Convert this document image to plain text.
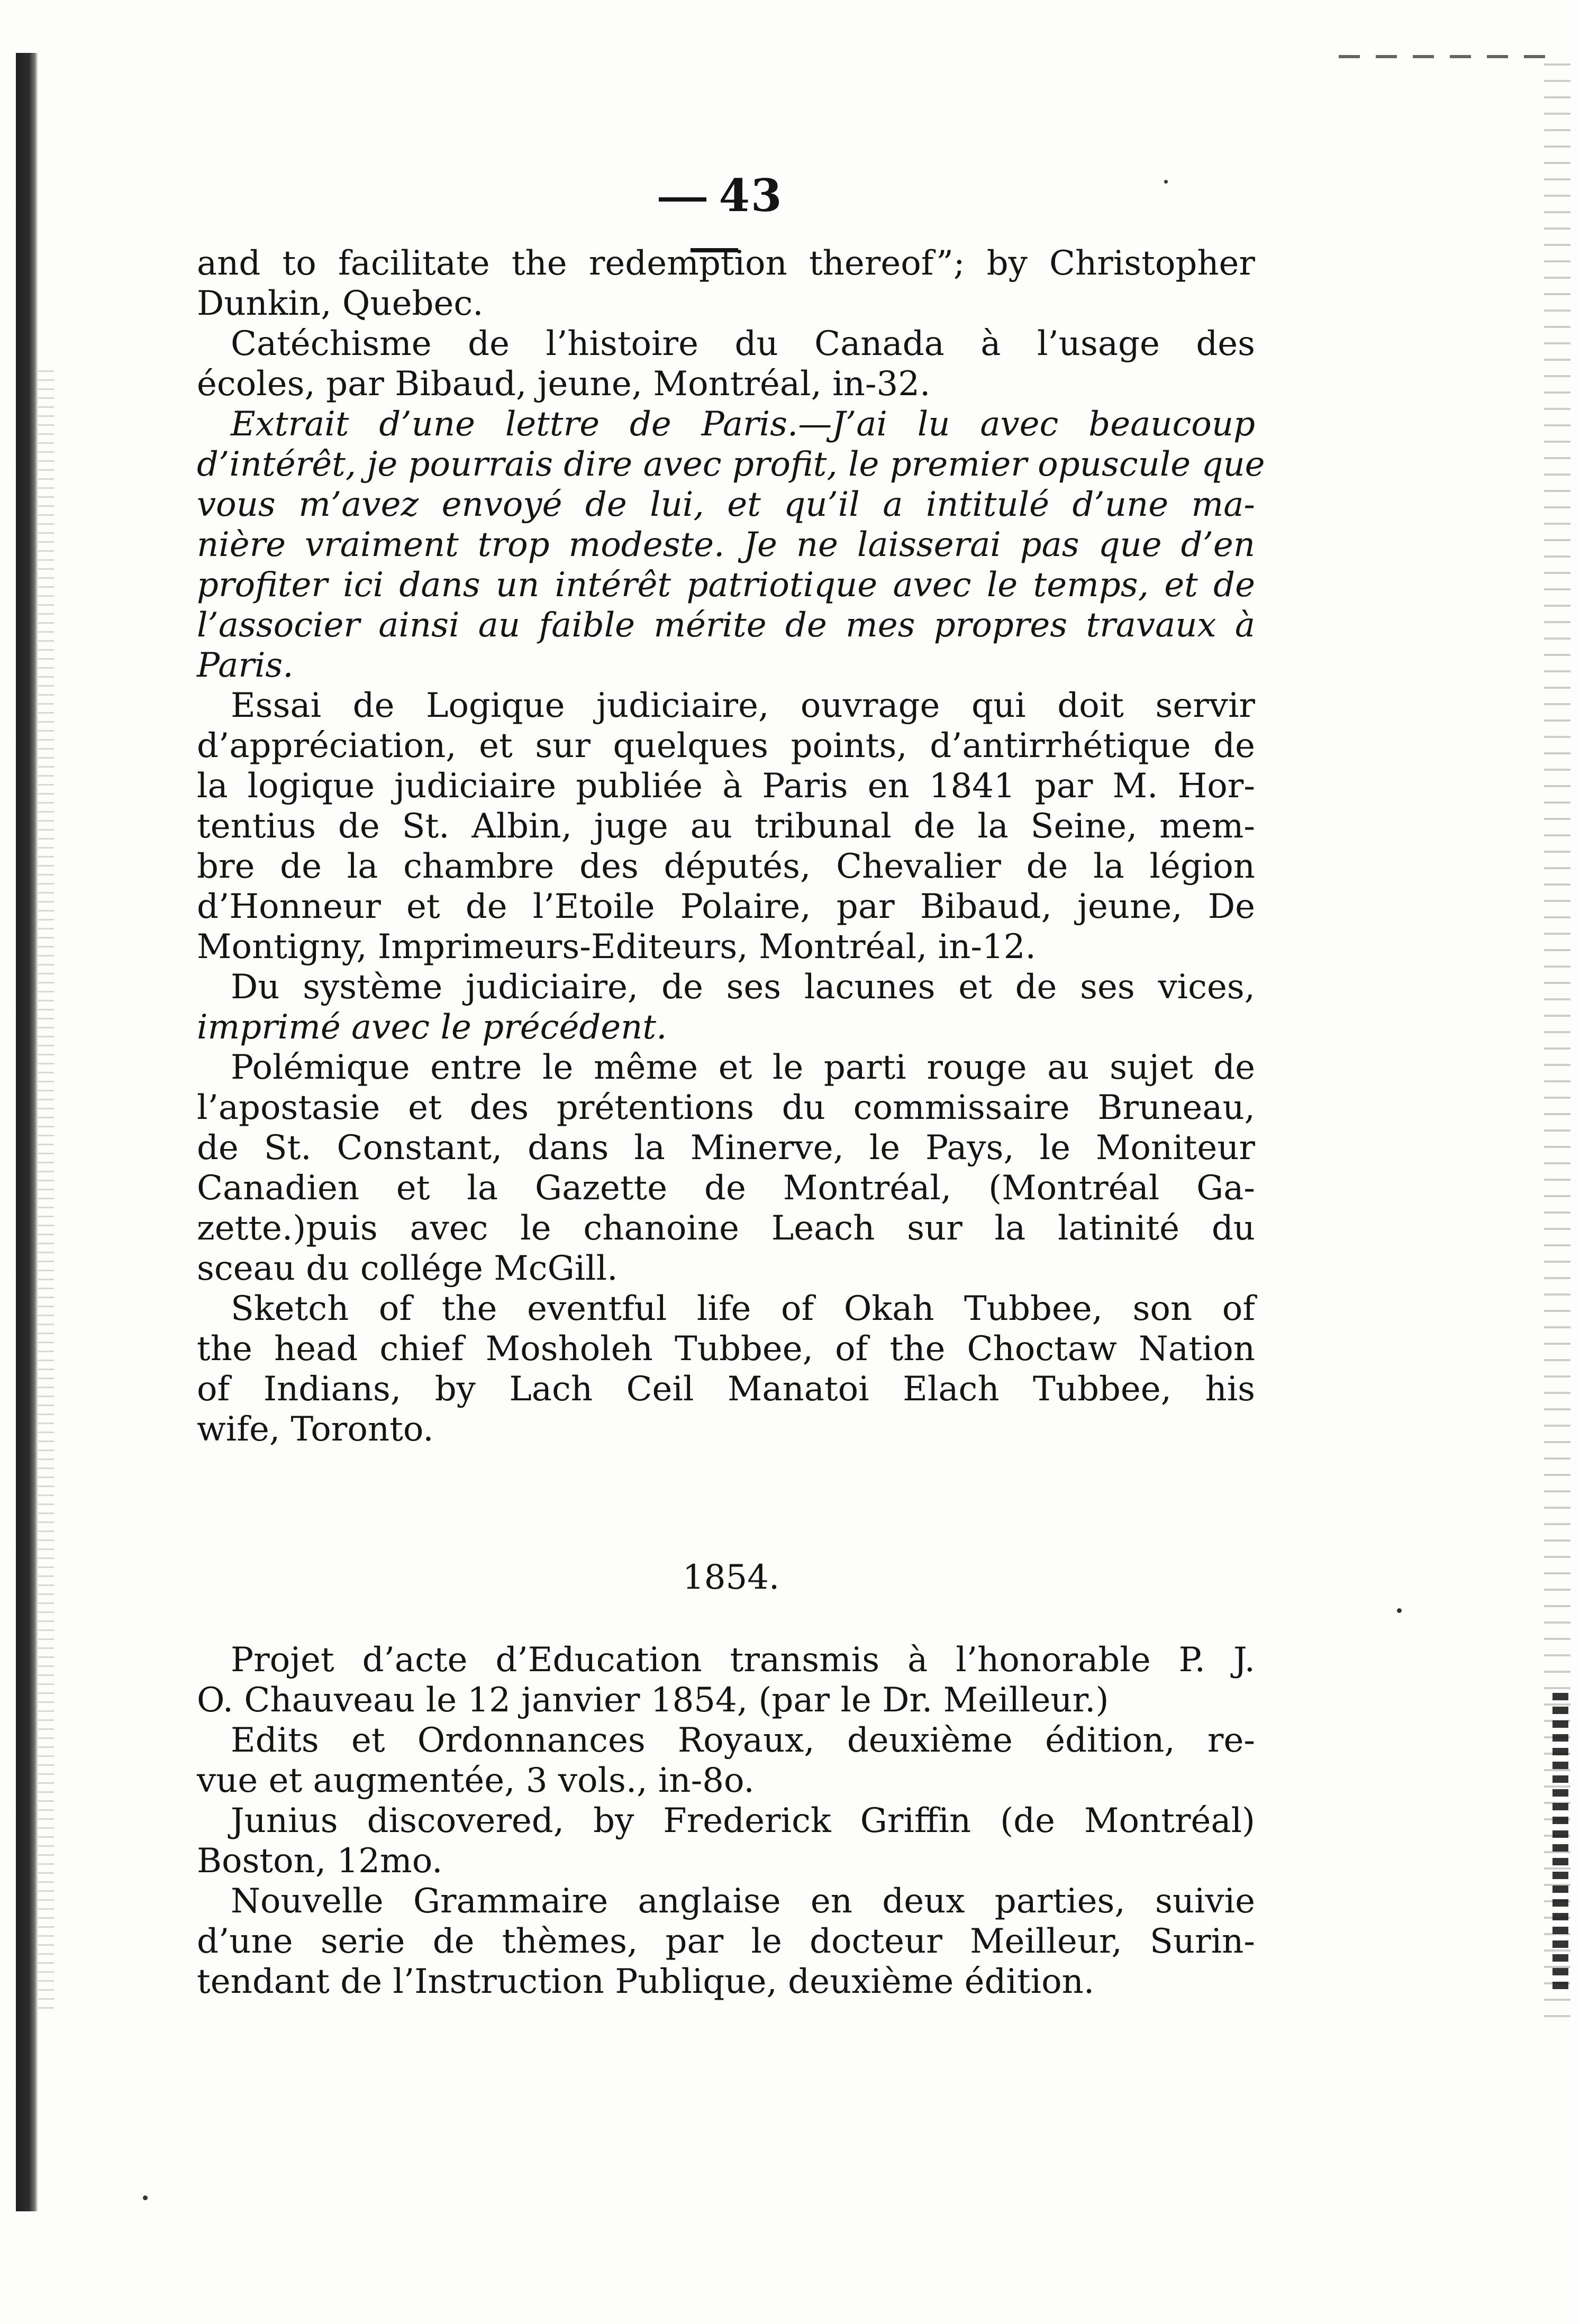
43
and to facilitate the redemption thereof”; by Christopher
Dunkin, Quebec.
Catéchisme de l’histoire du Canada à l’usage des
écoles, par Bibaud, jeune, Montréal, in-32.
Extrait d’une lettre de Paris.—J’ai lu avec beaucoup
d’intérêt, je pourrais dire avec profit, le premier opuscule que
vous m’avez envoyé de lui, et qu’il a intitulé d’une ma-
nière vraiment trop modeste. Je ne laisserai pas que d’en
profiter ici dans un intérêt patriotique avec le temps, et de
l’associer ainsi au faible mérite de mes propres travaux à
Paris.
Essai de Logique judiciaire, ouvrage qui doit servir
d’appréciation, et sur quelques points, d’antirrhétique de
la logique judiciaire publiée à Paris en 1841 par M. Hor-
tentius de St. Albin, juge au tribunal de la Seine, mem-
bre de la chambre des députés, Chevalier de la légion
d’Honneur et de l’Etoile Polaire, par Bibaud, jeune, De
Montigny, Imprimeurs-Editeurs, Montréal, in-12.
Du système judiciaire, de ses lacunes et de ses vices,
imprimé avec le précédent.
Polémique entre le même et le parti rouge au sujet de
l’apostasie et des prétentions du commissaire Bruneau,
de St. Constant, dans la Minerve, le Pays, le Moniteur
Canadien et la Gazette de Montréal, (Montréal Ga-
zette.)puis avec le chanoine Leach sur la latinité du
sceau du collége McGill.
Sketch of the eventful life of Okah Tubbee, son of
the head chief Mosholeh Tubbee, of the Choctaw Nation
of Indians, by Lach Ceil Manatoi Elach Tubbee, his
wife, Toronto.
1854.
Projet d’acte d’Education transmis à l’honorable P. J.
O. Chauveau le 12 janvier 1854, (par le Dr. Meilleur.)
Edits et Ordonnances Royaux, deuxième édition, re-
vue et augmentée, 3 vols., in-8o.
Junius discovered, by Frederick Griffin (de Montréal)
Boston, 12mo.
Nouvelle Grammaire anglaise en deux parties, suivie
d’une serie de thèmes, par le docteur Meilleur, Surin-
tendant de l’Instruction Publique, deuxième édition.
